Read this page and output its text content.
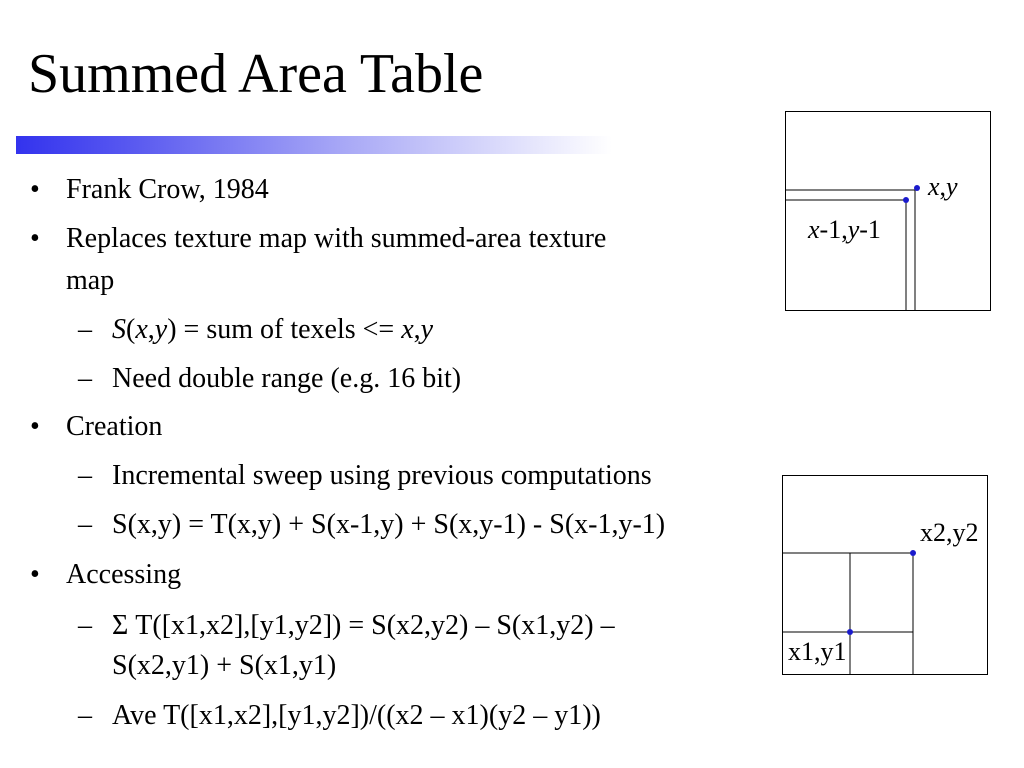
Summed Area Table
• Frank Crow, 1984
• Replaces texture map with summed-area texture
map
– S(x,y) = sum of texels <= x,y
– Need double range (e.g. 16 bit)
• Creation
– Incremental sweep using previous computations
– S(x,y) = T(x,y) + S(x-1,y) + S(x,y-1) - S(x-1,y-1)
• Accessing
– Σ T([x1,x2],[y1,y2]) = S(x2,y2) – S(x1,y2) –
S(x2,y1) + S(x1,y1)
– Ave T([x1,x2],[y1,y2])/((x2 – x1)(y2 – y1))
x,y
x-1,y-1
x2,y2
x1,y1
